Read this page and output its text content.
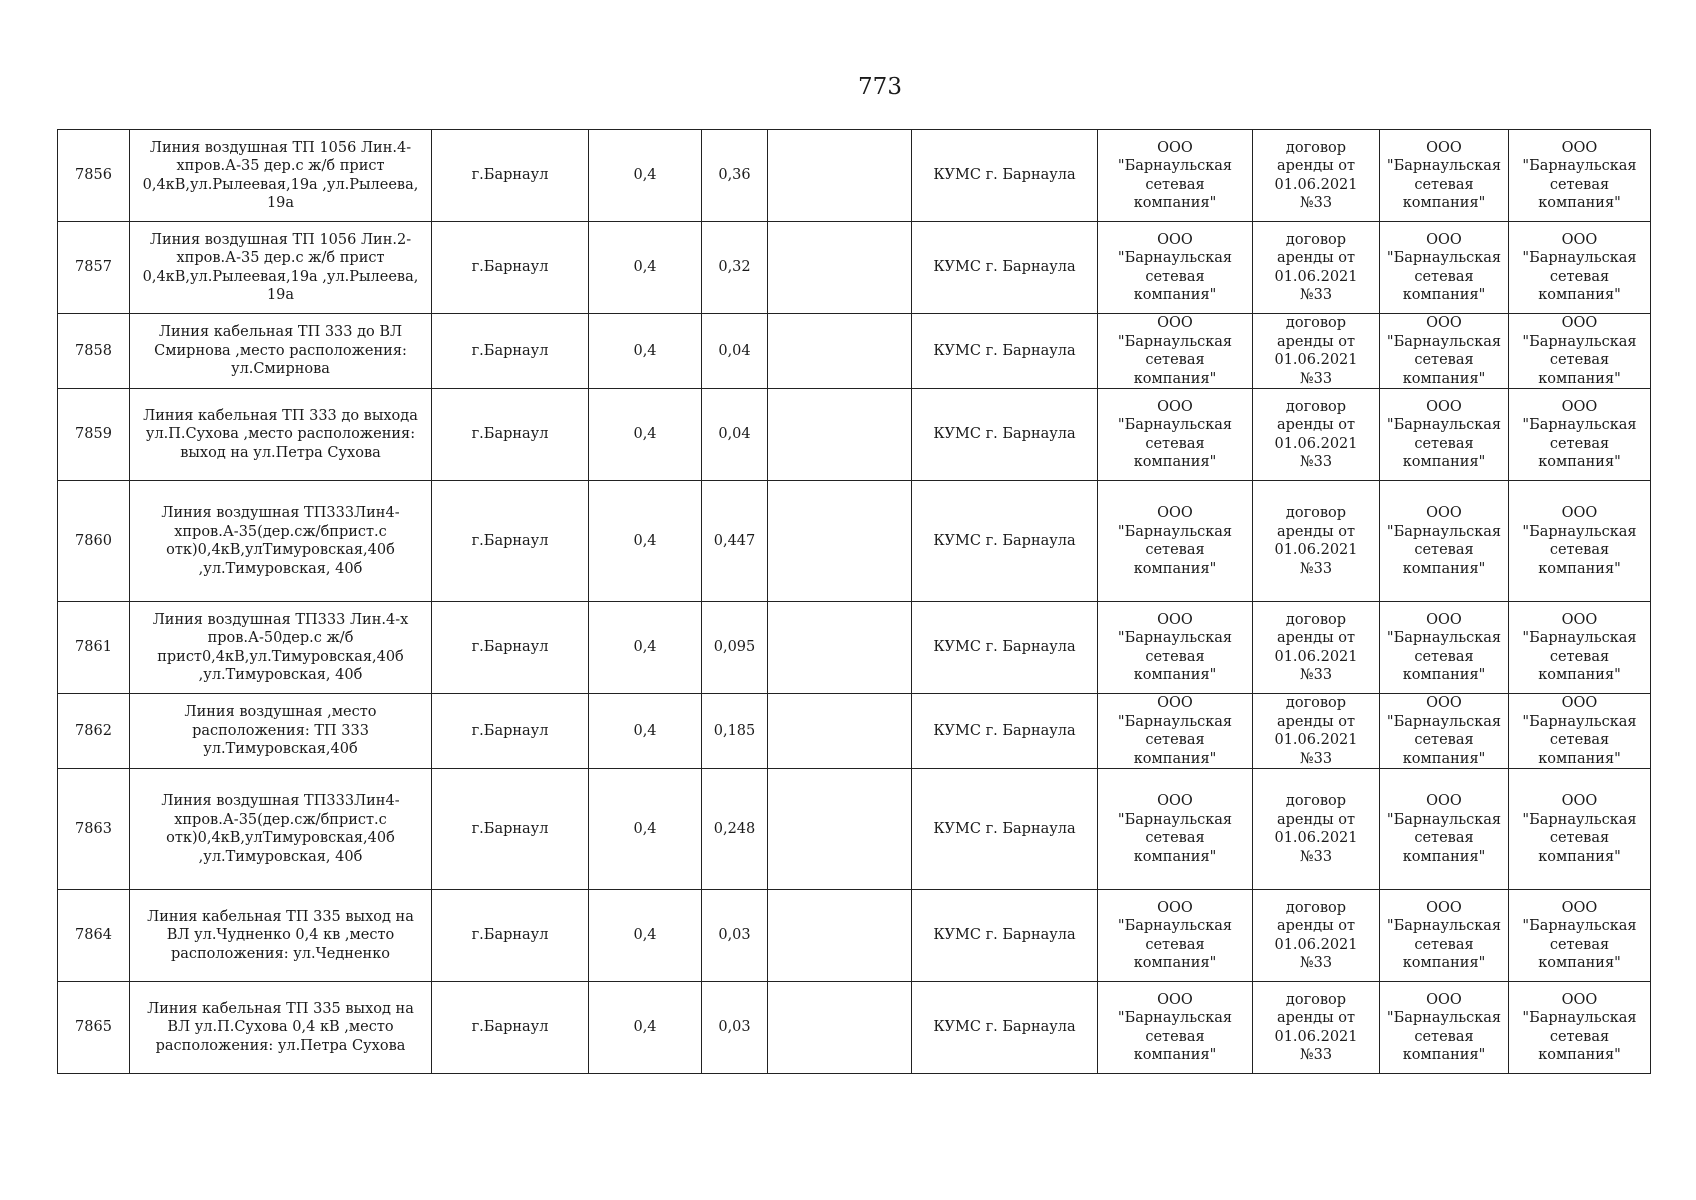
773
7856	Линия воздушная ТП 1056 Лин.4-хпров.А-35 дер.с ж/б прист 0,4кВ,ул.Рылеевая,19а ,ул.Рылеева, 19а	г.Барнаул	0,4	0,36		КУМС г. Барнаула	ООО "Барнаульская сетевая компания"	договор аренды от 01.06.2021 №33	ООО "Барнаульская сетевая компания"	ООО "Барнаульская сетевая компания"
7857	Линия воздушная ТП 1056 Лин.2-хпров.А-35 дер.с ж/б прист 0,4кВ,ул.Рылеевая,19а ,ул.Рылеева, 19а	г.Барнаул	0,4	0,32		КУМС г. Барнаула	ООО "Барнаульская сетевая компания"	договор аренды от 01.06.2021 №33	ООО "Барнаульская сетевая компания"	ООО "Барнаульская сетевая компания"
7858	Линия кабельная ТП 333 до ВЛ Смирнова ,место расположения: ул.Смирнова	г.Барнаул	0,4	0,04		КУМС г. Барнаула	ООО "Барнаульская сетевая компания"	договор аренды от 01.06.2021 №33	ООО "Барнаульская сетевая компания"	ООО "Барнаульская сетевая компания"
7859	Линия кабельная ТП 333 до выхода ул.П.Сухова ,место расположения: выход на ул.Петра Сухова	г.Барнаул	0,4	0,04		КУМС г. Барнаула	ООО "Барнаульская сетевая компания"	договор аренды от 01.06.2021 №33	ООО "Барнаульская сетевая компания"	ООО "Барнаульская сетевая компания"
7860	Линия воздушная ТП333Лин4-хпров.А-35(дер.сж/бприст.с отк)0,4кВ,улТимуровская,40б ,ул.Тимуровская, 40б	г.Барнаул	0,4	0,447		КУМС г. Барнаула	ООО "Барнаульская сетевая компания"	договор аренды от 01.06.2021 №33	ООО "Барнаульская сетевая компания"	ООО "Барнаульская сетевая компания"
7861	Линия воздушная ТП333 Лин.4-х пров.А-50дер.с ж/б прист0,4кВ,ул.Тимуровская,40б ,ул.Тимуровская, 40б	г.Барнаул	0,4	0,095		КУМС г. Барнаула	ООО "Барнаульская сетевая компания"	договор аренды от 01.06.2021 №33	ООО "Барнаульская сетевая компания"	ООО "Барнаульская сетевая компания"
7862	Линия воздушная ,место расположения: ТП 333 ул.Тимуровская,40б	г.Барнаул	0,4	0,185		КУМС г. Барнаула	ООО "Барнаульская сетевая компания"	договор аренды от 01.06.2021 №33	ООО "Барнаульская сетевая компания"	ООО "Барнаульская сетевая компания"
7863	Линия воздушная ТП333Лин4-хпров.А-35(дер.сж/бприст.с отк)0,4кВ,улТимуровская,40б ,ул.Тимуровская, 40б	г.Барнаул	0,4	0,248		КУМС г. Барнаула	ООО "Барнаульская сетевая компания"	договор аренды от 01.06.2021 №33	ООО "Барнаульская сетевая компания"	ООО "Барнаульская сетевая компания"
7864	Линия кабельная ТП 335 выход на ВЛ ул.Чудненко 0,4 кв ,место расположения: ул.Чедненко	г.Барнаул	0,4	0,03		КУМС г. Барнаула	ООО "Барнаульская сетевая компания"	договор аренды от 01.06.2021 №33	ООО "Барнаульская сетевая компания"	ООО "Барнаульская сетевая компания"
7865	Линия кабельная ТП 335 выход на ВЛ ул.П.Сухова 0,4 кВ ,место расположения: ул.Петра Сухова	г.Барнаул	0,4	0,03		КУМС г. Барнаула	ООО "Барнаульская сетевая компания"	договор аренды от 01.06.2021 №33	ООО "Барнаульская сетевая компания"	ООО "Барнаульская сетевая компания"
